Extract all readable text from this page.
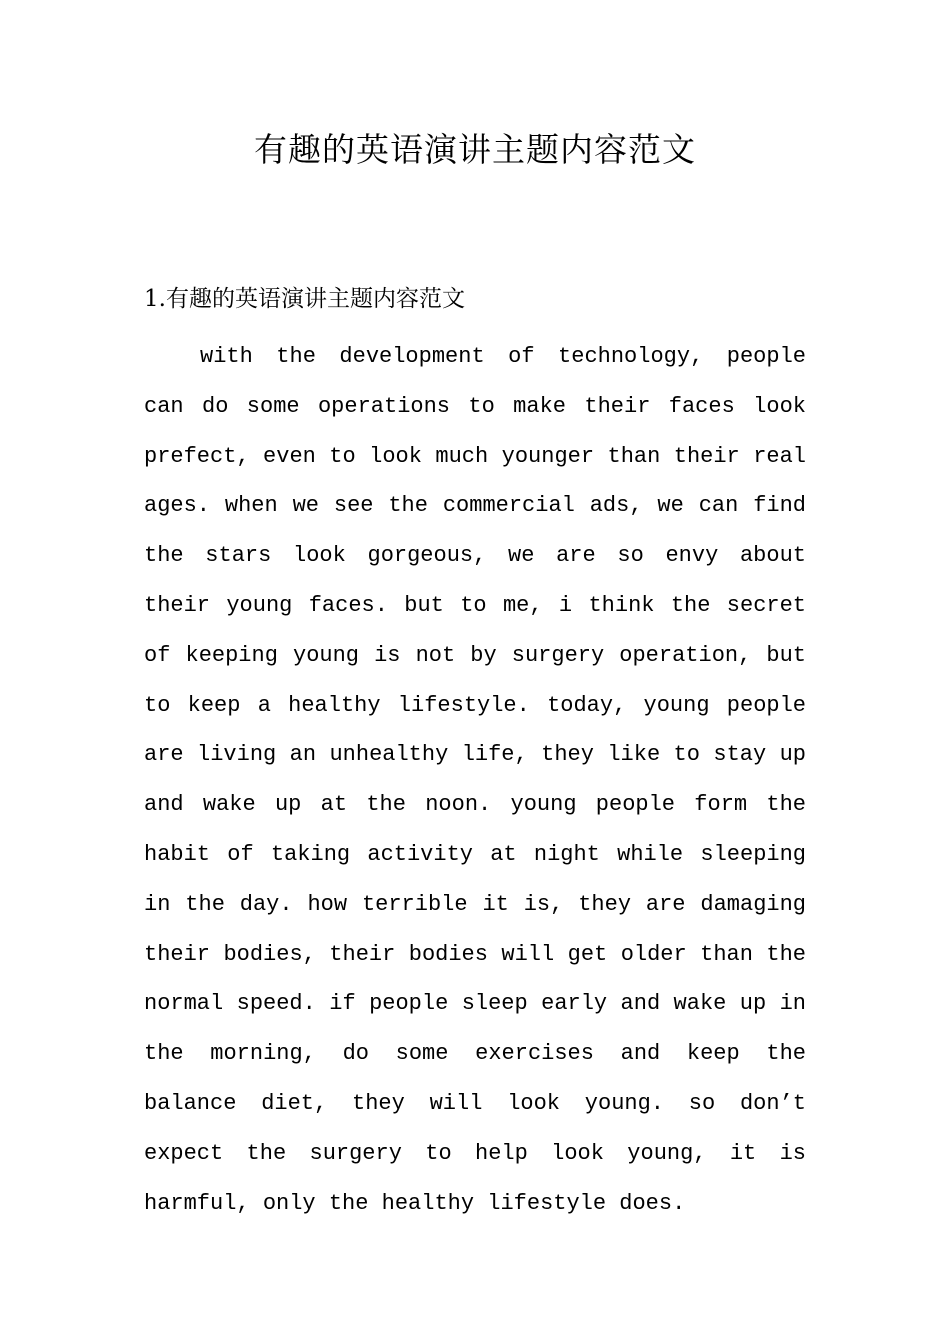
有趣的英语演讲主题内容范文
1.有趣的英语演讲主题内容范文

with the development of technology, people can do some operations to make their faces look prefect, even to look much younger than their real ages. when we see the commercial ads, we can find the stars look gorgeous, we are so envy about their young faces. but to me, i think the secret of keeping young is not by surgery operation, but to keep a healthy lifestyle. today, young people are living an unhealthy life, they like to stay up and wake up at the noon. young people form the habit of taking activity at night while sleeping in the day. how terrible it is, they are damaging their bodies, their bodies will get older than the normal speed. if people sleep early and wake up in the morning, do some exercises and keep the balance diet, they will look young. so don’t expect the surgery to help look young, it is harmful, only the healthy lifestyle does.
